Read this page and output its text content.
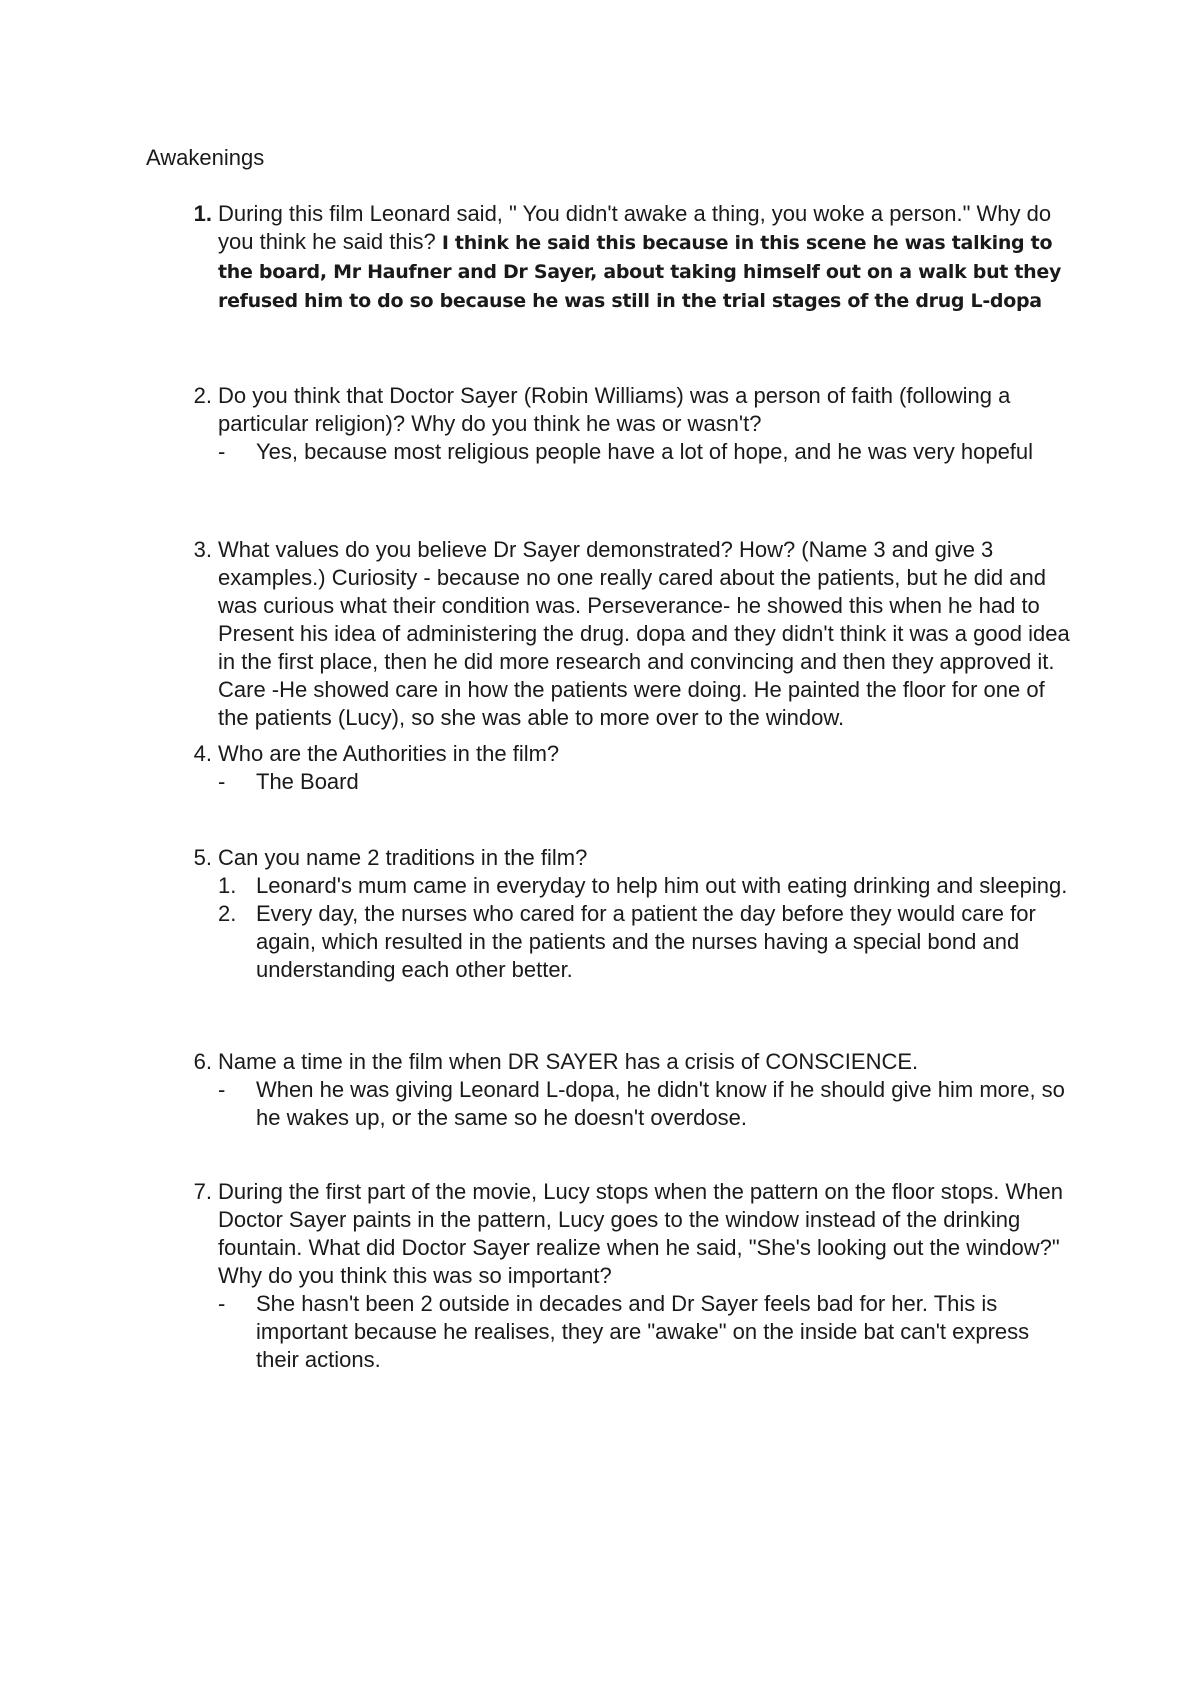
Awakenings
1. During this film Leonard said, " You didn't awake a thing, you woke a person." Why do you think he said this? I think he said this because in this scene he was talking to the board, Mr Haufner and Dr Sayer, about taking himself out on a walk but they refused him to do so because he was still in the trial stages of the drug L-dopa
2. Do you think that Doctor Sayer (Robin Williams) was a person of faith (following a particular religion)? Why do you think he was or wasn't?
-	Yes, because most religious people have a lot of hope, and he was very hopeful
3. What values do you believe Dr Sayer demonstrated? How? (Name 3 and give 3 examples.) Curiosity - because no one really cared about the patients, but he did and was curious what their condition was. Perseverance- he showed this when he had to Present his idea of administering the drug. dopa and they didn't think it was a good idea in the first place, then he did more research and convincing and then they approved it. Care -He showed care in how the patients were doing. He painted the floor for one of the patients (Lucy), so she was able to more over to the window.
4. Who are the Authorities in the film?
-	The Board
5. Can you name 2 traditions in the film?
1. Leonard's mum came in everyday to help him out with eating drinking and sleeping.
2. Every day, the nurses who cared for a patient the day before they would care for again, which resulted in the patients and the nurses having a special bond and understanding each other better.
6. Name a time in the film when DR SAYER has a crisis of CONSCIENCE.
-	When he was giving Leonard L-dopa, he didn't know if he should give him more, so he wakes up, or the same so he doesn't overdose.
7. During the first part of the movie, Lucy stops when the pattern on the floor stops. When Doctor Sayer paints in the pattern, Lucy goes to the window instead of the drinking fountain. What did Doctor Sayer realize when he said, "She's looking out the window?" Why do you think this was so important?
-	She hasn't been 2 outside in decades and Dr Sayer feels bad for her. This is important because he realises, they are "awake" on the inside bat can't express their actions.
